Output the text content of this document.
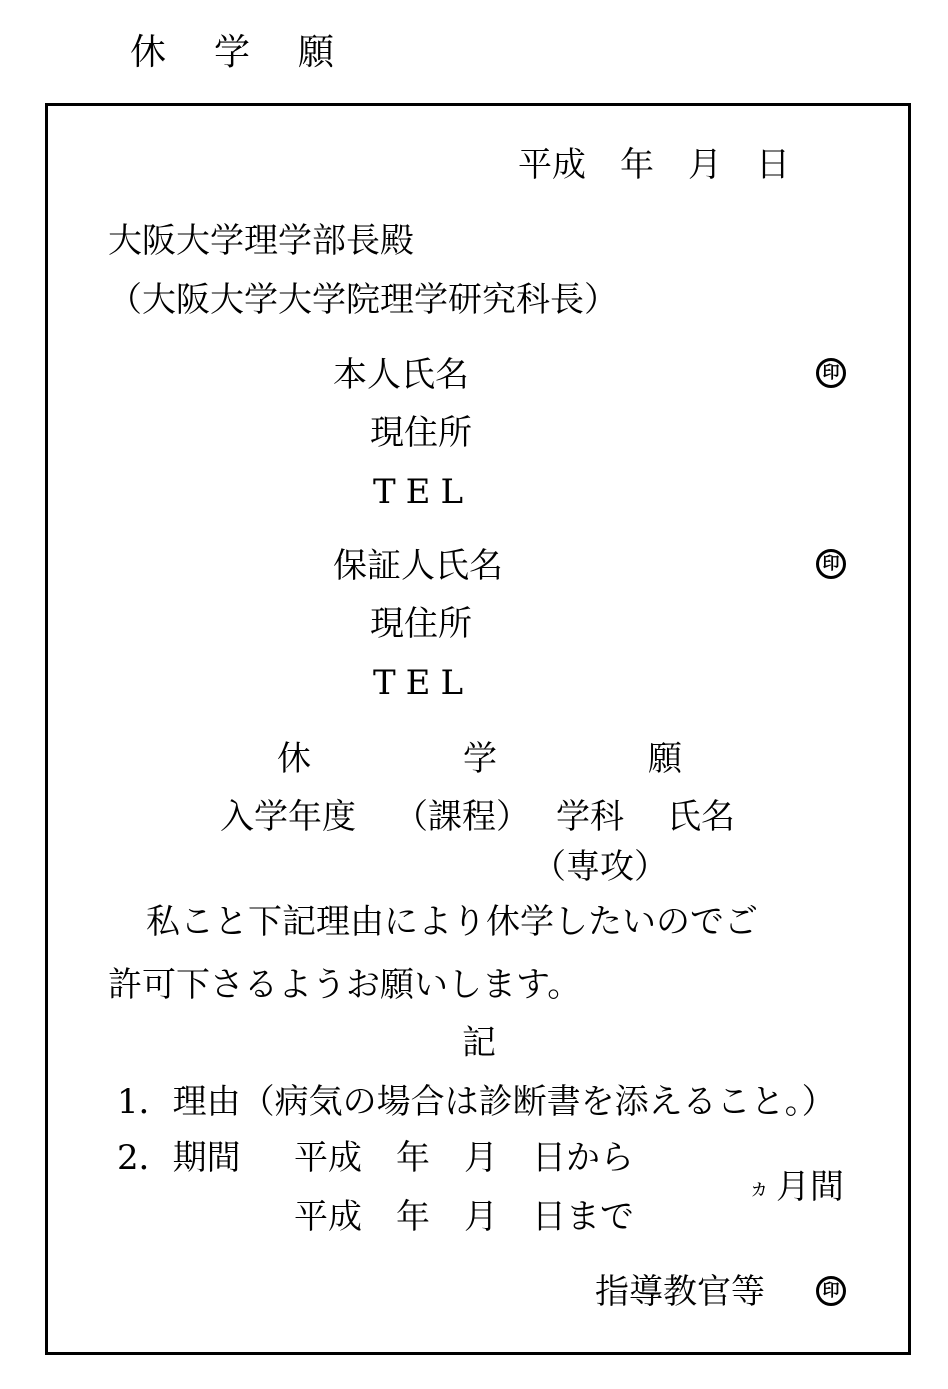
休　学　願
平成　年　月　日
大阪大学理学部長殿
（大阪大学大学院理学研究科長）
本人氏名	印
現住所
TEL
保証人氏名	印
現住所
TEL
休	学	願
入学年度 （課程） 学科 氏名
（専攻）
私こと下記理由により休学したいのでご
許可下さるようお願いします。
記
1．理由（病気の場合は診断書を添えること。）
2．期間 平成　年　月　日から
平成　年　月　日まで
ヵ 月間
指導教官等	印
